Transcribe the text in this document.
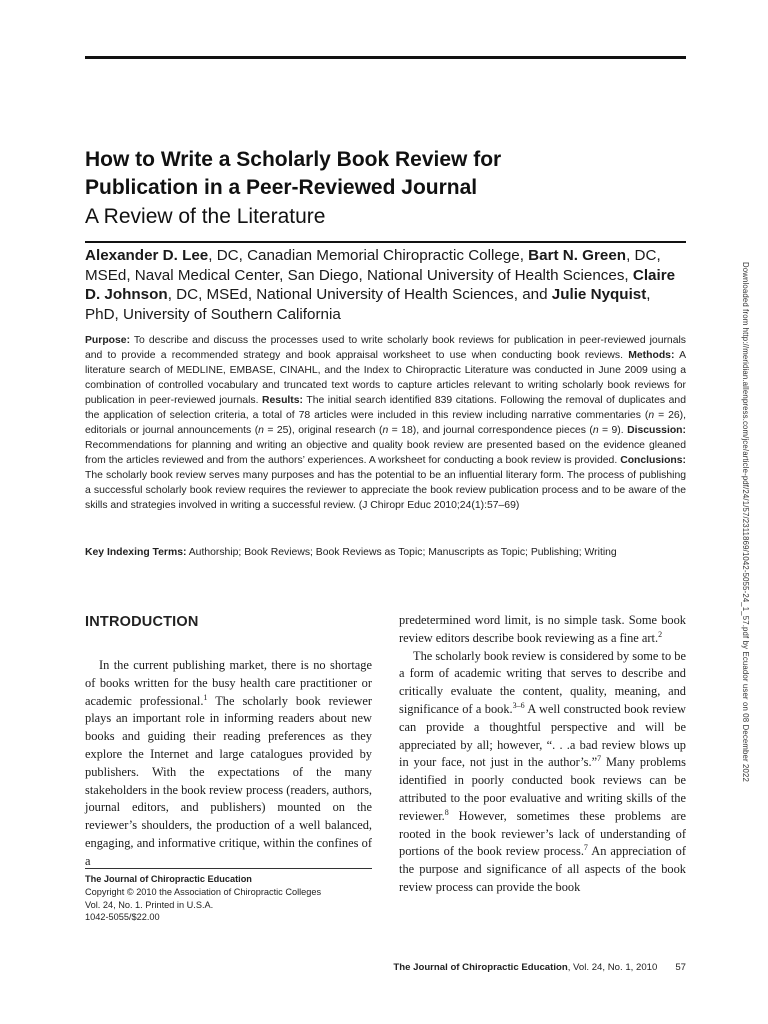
How to Write a Scholarly Book Review for
Publication in a Peer-Reviewed Journal
A Review of the Literature
Alexander D. Lee, DC, Canadian Memorial Chiropractic College, Bart N. Green, DC, MSEd, Naval Medical Center, San Diego, National University of Health Sciences, Claire D. Johnson, DC, MSEd, National University of Health Sciences, and Julie Nyquist, PhD, University of Southern California
Purpose: To describe and discuss the processes used to write scholarly book reviews for publication in peer-reviewed journals and to provide a recommended strategy and book appraisal worksheet to use when conducting book reviews. Methods: A literature search of MEDLINE, EMBASE, CINAHL, and the Index to Chiropractic Literature was conducted in June 2009 using a combination of controlled vocabulary and truncated text words to capture articles relevant to writing scholarly book reviews for publication in peer-reviewed journals. Results: The initial search identified 839 citations. Following the removal of duplicates and the application of selection criteria, a total of 78 articles were included in this review including narrative commentaries (n = 26), editorials or journal announcements (n = 25), original research (n = 18), and journal correspondence pieces (n = 9). Discussion: Recommendations for planning and writing an objective and quality book review are presented based on the evidence gleaned from the articles reviewed and from the authors’ experiences. A worksheet for conducting a book review is provided. Conclusions: The scholarly book review serves many purposes and has the potential to be an influential literary form. The process of publishing a successful scholarly book review requires the reviewer to appreciate the book review publication process and to be aware of the skills and strategies involved in writing a successful review. (J Chiropr Educ 2010;24(1):57–69)
Key Indexing Terms: Authorship; Book Reviews; Book Reviews as Topic; Manuscripts as Topic; Publishing; Writing
INTRODUCTION

In the current publishing market, there is no shortage of books written for the busy health care practitioner or academic professional.$^1$ The scholarly book reviewer plays an important role in informing readers about new books and guiding their reading preferences as they explore the Internet and large catalogues provided by publishers. With the expectations of the many stakeholders in the book review process (readers, authors, journal editors, and publishers) mounted on the reviewer’s shoulders, the production of a well balanced, engaging, and informative critique, within the confines of a

predetermined word limit, is no simple task. Some book review editors describe book reviewing as a fine art.$^2$

The scholarly book review is considered by some to be a form of academic writing that serves to describe and critically evaluate the content, quality, meaning, and significance of a book.$^{3-6}$ A well constructed book review can provide a thoughtful perspective and will be appreciated by all; however, “. . .a bad review blows up in your face, not just in the author’s.”$^7$ Many problems identified in poorly conducted book reviews can be attributed to the poor evaluative and writing skills of the reviewer.$^8$ However, sometimes these problems are rooted in the book reviewer’s lack of understanding of portions of the book review process.$^7$ An appreciation of the purpose and significance of all aspects of the book review process can provide the book

The Journal of Chiropractic Education
Copyright © 2010 the Association of Chiropractic Colleges
Vol. 24, No. 1. Printed in U.S.A.
1042-5055/$22.00
The Journal of Chiropractic Education, Vol. 24, No. 1, 2010 57
Downloaded from http://meridian.allenpress.com/jce/article-pdf/24/1/57/2311869/1042-5055-24_1_57.pdf by Ecuador user on 08 December 2022
